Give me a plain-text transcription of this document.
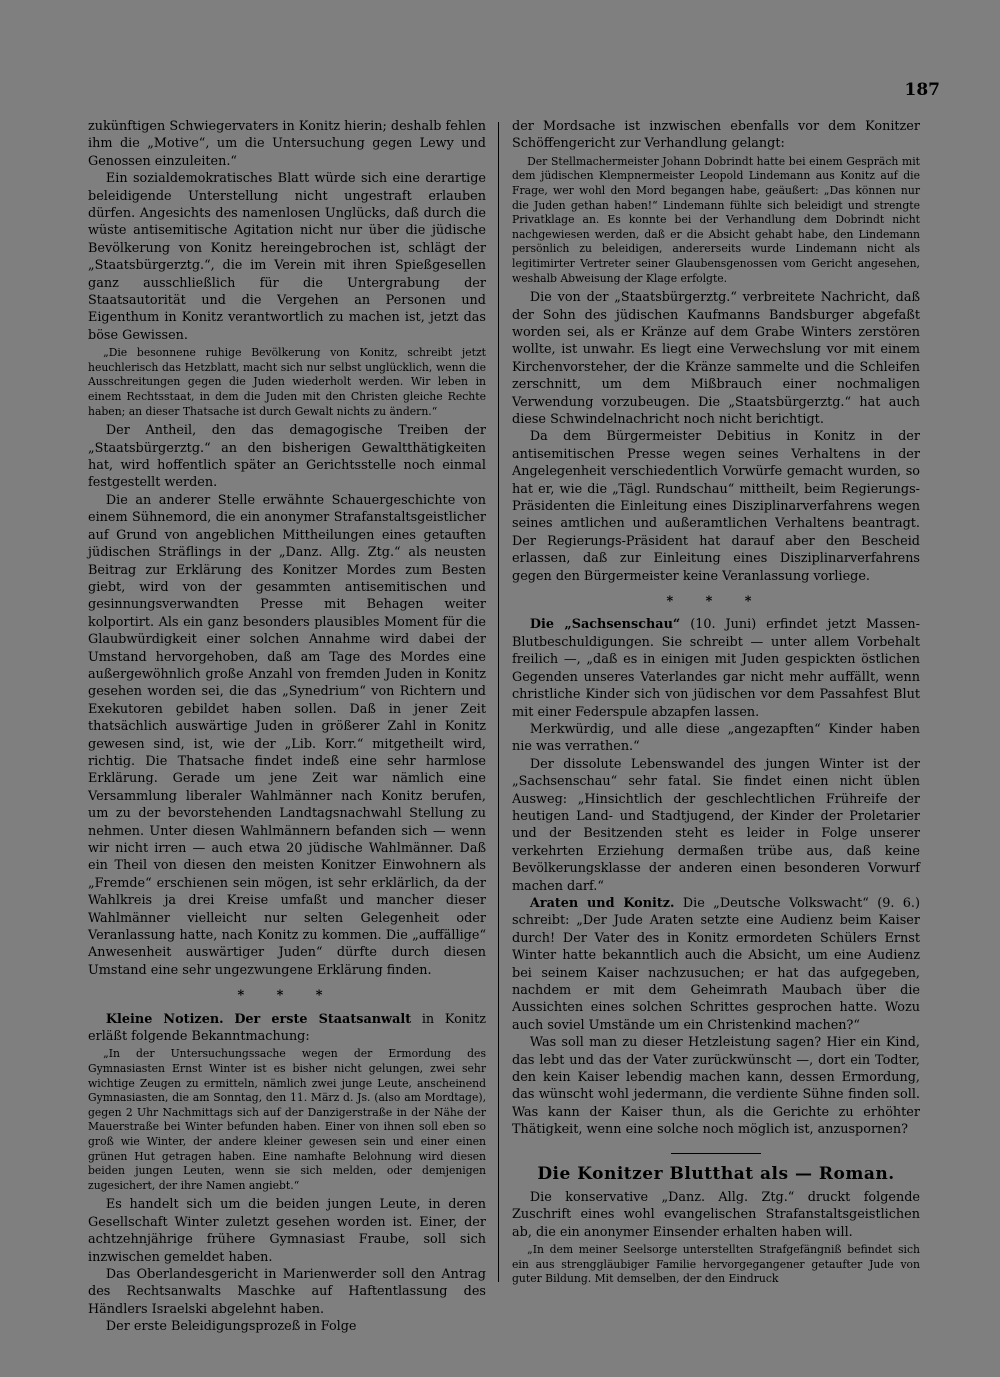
187

zukünftigen Schwiegervaters in Konitz hierin; deshalb fehlen ihm die „Motive“, um die Untersuchung gegen Lewy und Genossen einzuleiten.“

Ein sozialdemokratisches Blatt würde sich eine derartige beleidigende Unterstellung nicht ungestraft erlauben dürfen. Angesichts des namenlosen Unglücks, daß durch die wüste antisemitische Agitation nicht nur über die jüdische Bevölkerung von Konitz hereingebrochen ist, schlägt der „Staatsbürgerztg.“, die im Verein mit ihren Spießgesellen ganz ausschließlich für die Untergrabung der Staatsautorität und die Vergehen an Personen und Eigenthum in Konitz verantwortlich zu machen ist, jetzt das böse Gewissen.

„Die besonnene ruhige Bevölkerung von Konitz, schreibt jetzt heuchlerisch das Hetzblatt, macht sich nur selbst unglücklich, wenn die Ausschreitungen gegen die Juden wiederholt werden. Wir leben in einem Rechtsstaat, in dem die Juden mit den Christen gleiche Rechte haben; an dieser Thatsache ist durch Gewalt nichts zu ändern.“

Der Antheil, den das demagogische Treiben der „Staatsbürgerztg.“ an den bisherigen Gewaltthätigkeiten hat, wird hoffentlich später an Gerichtsstelle noch einmal festgestellt werden.

Die an anderer Stelle erwähnte Schauergeschichte von einem Sühnemord, die ein anonymer Strafanstaltsgeistlicher auf Grund von angeblichen Mittheilungen eines getauften jüdischen Sträflings in der „Danz. Allg. Ztg.“ als neusten Beitrag zur Erklärung des Konitzer Mordes zum Besten giebt, wird von der gesammten antisemitischen und gesinnungsverwandten Presse mit Behagen weiter kolportirt. Als ein ganz besonders plausibles Moment für die Glaubwürdigkeit einer solchen Annahme wird dabei der Umstand hervorgehoben, daß am Tage des Mordes eine außergewöhnlich große Anzahl von fremden Juden in Konitz gesehen worden sei, die das „Synedrium“ von Richtern und Exekutoren gebildet haben sollen. Daß in jener Zeit thatsächlich auswärtige Juden in größerer Zahl in Konitz gewesen sind, ist, wie der „Lib. Korr.“ mitgetheilt wird, richtig. Die Thatsache findet indeß eine sehr harmlose Erklärung. Gerade um jene Zeit war nämlich eine Versammlung liberaler Wahlmänner nach Konitz berufen, um zu der bevorstehenden Landtagsnachwahl Stellung zu nehmen. Unter diesen Wahlmännern befanden sich — wenn wir nicht irren — auch etwa 20 jüdische Wahlmänner. Daß ein Theil von diesen den meisten Konitzer Einwohnern als „Fremde“ erschienen sein mögen, ist sehr erklärlich, da der Wahlkreis ja drei Kreise umfaßt und mancher dieser Wahlmänner vielleicht nur selten Gelegenheit oder Veranlassung hatte, nach Konitz zu kommen. Die „auffällige“ Anwesenheit auswärtiger Juden“ dürfte durch diesen Umstand eine sehr ungezwungene Erklärung finden.

* * *

Kleine Notizen. Der erste Staatsanwalt in Konitz erläßt folgende Bekanntmachung:

„In der Untersuchungssache wegen der Ermordung des Gymnasiasten Ernst Winter ist es bisher nicht gelungen, zwei sehr wichtige Zeugen zu ermitteln, nämlich zwei junge Leute, anscheinend Gymnasiasten, die am Sonntag, den 11. März d. Js. (also am Mordtage), gegen 2 Uhr Nachmittags sich auf der Danzigerstraße in der Nähe der Mauerstraße bei Winter befunden haben. Einer von ihnen soll eben so groß wie Winter, der andere kleiner gewesen sein und einer einen grünen Hut getragen haben. Eine namhafte Belohnung wird diesen beiden jungen Leuten, wenn sie sich melden, oder demjenigen zugesichert, der ihre Namen angiebt.“

Es handelt sich um die beiden jungen Leute, in deren Gesellschaft Winter zuletzt gesehen worden ist. Einer, der achtzehnjährige frühere Gymnasiast Fraube, soll sich inzwischen gemeldet haben.

Das Oberlandesgericht in Marienwerder soll den Antrag des Rechtsanwalts Maschke auf Haftentlassung des Händlers Israelski abgelehnt haben.

Der erste Beleidigungsprozeß in Folge

der Mordsache ist inzwischen ebenfalls vor dem Konitzer Schöffengericht zur Verhandlung gelangt:

Der Stellmachermeister Johann Dobrindt hatte bei einem Gespräch mit dem jüdischen Klempnermeister Leopold Lindemann aus Konitz auf die Frage, wer wohl den Mord begangen habe, geäußert: „Das können nur die Juden gethan haben!“ Lindemann fühlte sich beleidigt und strengte Privatklage an. Es konnte bei der Verhandlung dem Dobrindt nicht nachgewiesen werden, daß er die Absicht gehabt habe, den Lindemann persönlich zu beleidigen, andererseits wurde Lindemann nicht als legitimirter Vertreter seiner Glaubensgenossen vom Gericht angesehen, weshalb Abweisung der Klage erfolgte.

Die von der „Staatsbürgerztg.“ verbreitete Nachricht, daß der Sohn des jüdischen Kaufmanns Bandsburger abgefaßt worden sei, als er Kränze auf dem Grabe Winters zerstören wollte, ist unwahr. Es liegt eine Verwechslung vor mit einem Kirchenvorsteher, der die Kränze sammelte und die Schleifen zerschnitt, um dem Mißbrauch einer nochmaligen Verwendung vorzubeugen. Die „Staatsbürgerztg.“ hat auch diese Schwindelnachricht noch nicht berichtigt.

Da dem Bürgermeister Debitius in Konitz in der antisemitischen Presse wegen seines Verhaltens in der Angelegenheit verschiedentlich Vorwürfe gemacht wurden, so hat er, wie die „Tägl. Rundschau“ mittheilt, beim Regierungs-Präsidenten die Einleitung eines Disziplinarverfahrens wegen seines amtlichen und außeramtlichen Verhaltens beantragt. Der Regierungs-Präsident hat darauf aber den Bescheid erlassen, daß zur Einleitung eines Disziplinarverfahrens gegen den Bürgermeister keine Veranlassung vorliege.

* * *

Die „Sachsenschau“ (10. Juni) erfindet jetzt Massen-Blutbeschuldigungen. Sie schreibt — unter allem Vorbehalt freilich —, „daß es in einigen mit Juden gespickten östlichen Gegenden unseres Vaterlandes gar nicht mehr auffällt, wenn christliche Kinder sich von jüdischen vor dem Passahfest Blut mit einer Federspule abzapfen lassen.

Merkwürdig, und alle diese „angezapften“ Kinder haben nie was verrathen.“

Der dissolute Lebenswandel des jungen Winter ist der „Sachsenschau“ sehr fatal. Sie findet einen nicht üblen Ausweg: „Hinsichtlich der geschlechtlichen Frühreife der heutigen Land- und Stadtjugend, der Kinder der Proletarier und der Besitzenden steht es leider in Folge unserer verkehrten Erziehung dermaßen trübe aus, daß keine Bevölkerungsklasse der anderen einen besonderen Vorwurf machen darf.“

Araten und Konitz. Die „Deutsche Volkswacht“ (9. 6.) schreibt: „Der Jude Araten setzte eine Audienz beim Kaiser durch! Der Vater des in Konitz ermordeten Schülers Ernst Winter hatte bekanntlich auch die Absicht, um eine Audienz bei seinem Kaiser nachzusuchen; er hat das aufgegeben, nachdem er mit dem Geheimrath Maubach über die Aussichten eines solchen Schrittes gesprochen hatte. Wozu auch soviel Umstände um ein Christenkind machen?“

Was soll man zu dieser Hetzleistung sagen? Hier ein Kind, das lebt und das der Vater zurückwünscht —, dort ein Todter, den kein Kaiser lebendig machen kann, dessen Ermordung, das wünscht wohl jedermann, die verdiente Sühne finden soll. Was kann der Kaiser thun, als die Gerichte zu erhöhter Thätigkeit, wenn eine solche noch möglich ist, anzuspornen?

Die Konitzer Blutthat als — Roman.

Die konservative „Danz. Allg. Ztg.“ druckt folgende Zuschrift eines wohl evangelischen Strafanstaltsgeistlichen ab, die ein anonymer Einsender erhalten haben will.

„In dem meiner Seelsorge unterstellten Strafgefängniß befindet sich ein aus strenggläubiger Familie hervorgegangener getaufter Jude von guter Bildung. Mit demselben, der den Eindruck
